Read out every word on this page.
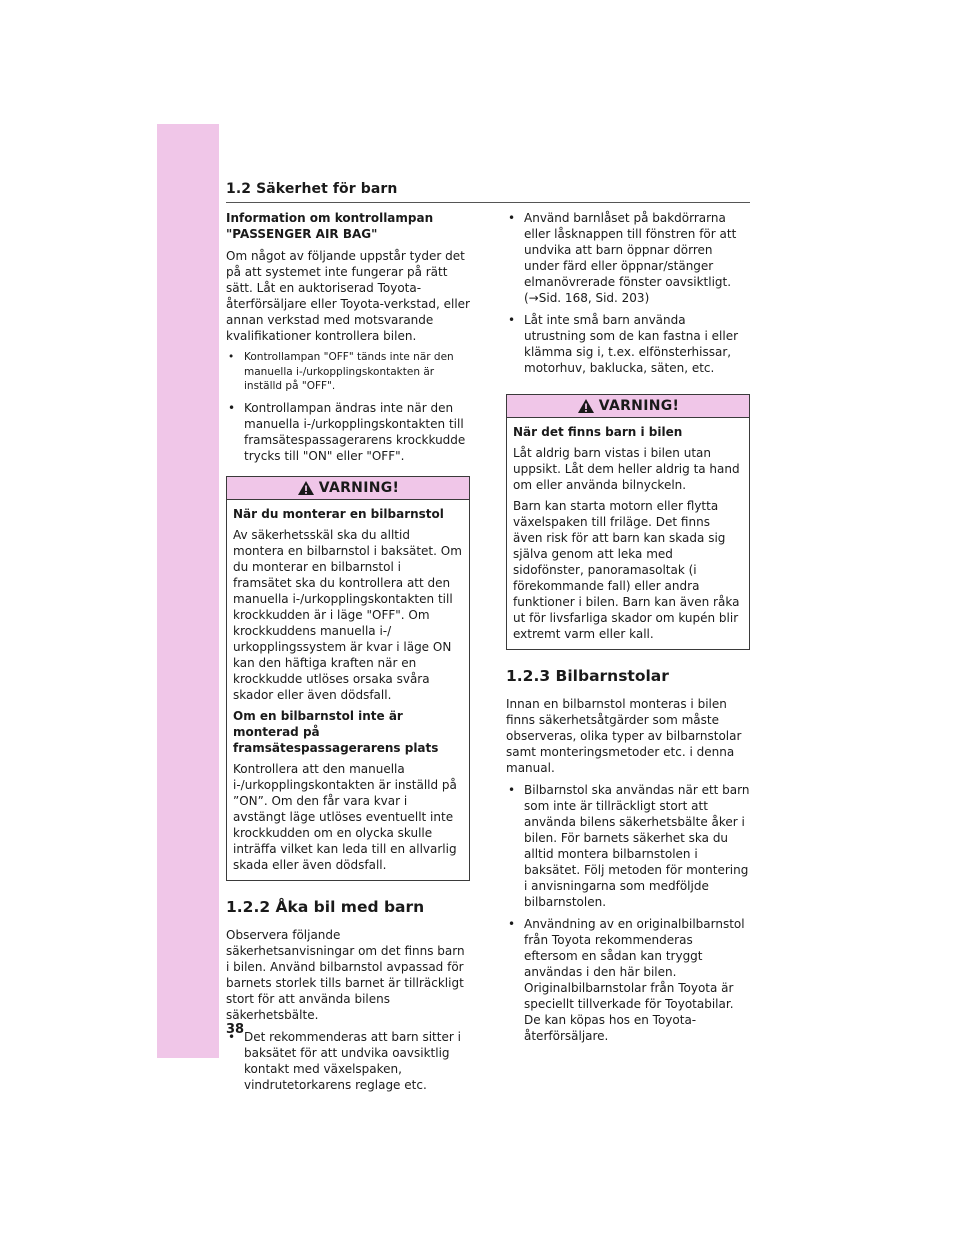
1.2 Säkerhet för barn

Information om kontrollampan
"PASSENGER AIR BAG"

Om något av följande uppstår tyder det på att systemet inte fungerar på rätt sätt. Låt en auktoriserad Toyota-återförsäljare eller Toyota-verkstad, eller annan verkstad med motsvarande kvalifikationer kontrollera bilen.

• Kontrollampan "OFF" tänds inte när den manuella i-/urkopplingskontakten är inställd på "OFF".
• Kontrollampan ändras inte när den manuella i-/urkopplingskontakten till framsätespassagerarens krockkudde trycks till "ON" eller "OFF".
VARNING!

När du monterar en bilbarnstol

Av säkerhetsskäl ska du alltid montera en bilbarnstol i baksätet. Om du monterar en bilbarnstol i framsätet ska du kontrollera att den manuella i-/urkopplingskontakten till krockkudden är i läge "OFF". Om krockkuddens manuella i-/ urkopplingssystem är kvar i läge ON kan den häftiga kraften när en krockkudde utlöses orsaka svåra skador eller även dödsfall.

Om en bilbarnstol inte är monterad på framsätespassagerarens plats

Kontrollera att den manuella i-/urkopplingskontakten är inställd på ”ON”. Om den får vara kvar i avstängt läge utlöses eventuellt inte krockkudden om en olycka skulle inträffa vilket kan leda till en allvarlig skada eller även dödsfall.

1.2.2 Åka bil med barn

Observera följande säkerhetsanvisningar om det finns barn i bilen. Använd bilbarnstol avpassad för barnets storlek tills barnet är tillräckligt stort för att använda bilens säkerhetsbälte.

• Det rekommenderas att barn sitter i baksätet för att undvika oavsiktlig kontakt med växelspaken, vindrutetorkarens reglage etc.
• Använd barnlåset på bakdörrarna eller låsknappen till fönstren för att undvika att barn öppnar dörren under färd eller öppnar/stänger elmanövrerade fönster oavsiktligt. (→Sid. 168, Sid. 203)
• Låt inte små barn använda utrustning som de kan fastna i eller klämma sig i, t.ex. elfönsterhissar, motorhuv, baklucka, säten, etc.
VARNING!

När det finns barn i bilen

Låt aldrig barn vistas i bilen utan uppsikt. Låt dem heller aldrig ta hand om eller använda bilnyckeln.

Barn kan starta motorn eller flytta växelspaken till friläge. Det finns även risk för att barn kan skada sig själva genom att leka med sidofönster, panoramasoltak (i förekommande fall) eller andra funktioner i bilen. Barn kan även råka ut för livsfarliga skador om kupén blir extremt varm eller kall.

1.2.3 Bilbarnstolar

Innan en bilbarnstol monteras i bilen finns säkerhetsåtgärder som måste observeras, olika typer av bilbarnstolar samt monteringsmetoder etc. i denna manual.

• Bilbarnstol ska användas när ett barn som inte är tillräckligt stort att använda bilens säkerhetsbälte åker i bilen. För barnets säkerhet ska du alltid montera bilbarnstolen i baksätet. Följ metoden för montering i anvisningarna som medföljde bilbarnstolen.
• Användning av en originalbilbarnstol från Toyota rekommenderas eftersom en sådan kan tryggt användas i den här bilen. Originalbilbarnstolar från Toyota är speciellt tillverkade för Toyotabilar. De kan köpas hos en Toyota-återförsäljare.
38
